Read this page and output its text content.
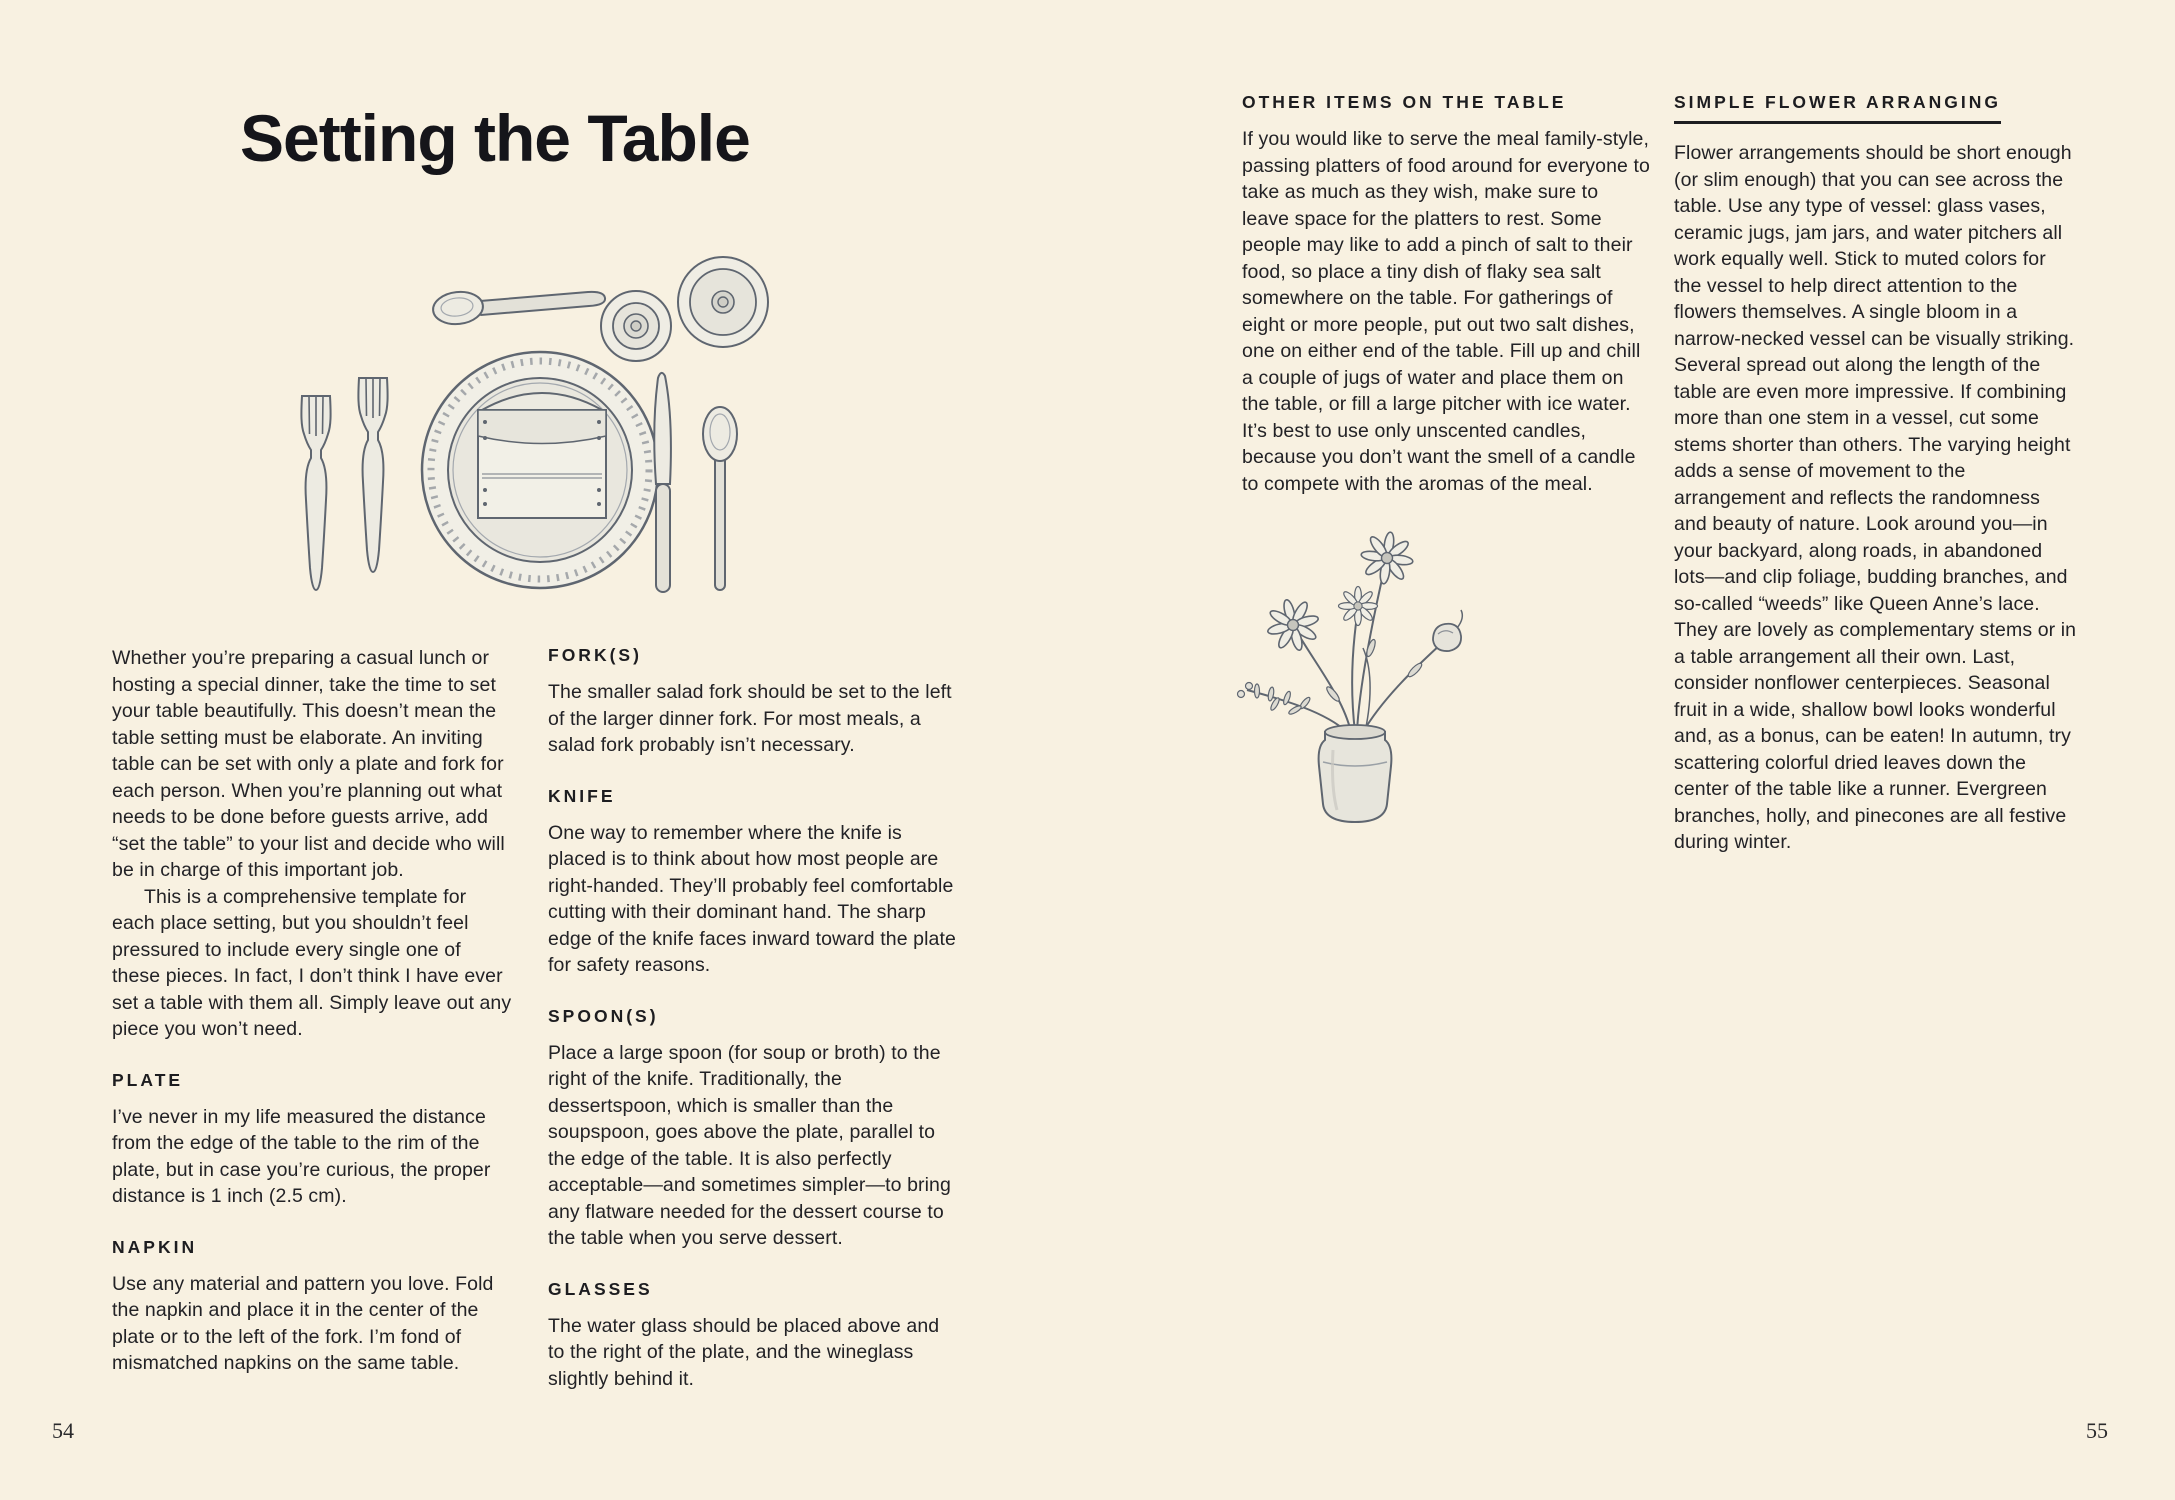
Setting the Table

Whether you’re preparing a casual lunch or hosting a special dinner, take the time to set your table beautifully. This doesn’t mean the table setting must be elaborate. An inviting table can be set with only a plate and fork for each person. When you’re planning out what needs to be done before guests arrive, add “set the table” to your list and decide who will be in charge of this important job.

This is a comprehensive template for each place setting, but you shouldn’t feel pressured to include every single one of these pieces. In fact, I don’t think I have ever set a table with them all. Simply leave out any piece you won’t need.

PLATE

I’ve never in my life measured the distance from the edge of the table to the rim of the plate, but in case you’re curious, the proper distance is 1 inch (2.5 cm).

NAPKIN

Use any material and pattern you love. Fold the napkin and place it in the center of the plate or to the left of the fork. I’m fond of mismatched napkins on the same table.

FORK(S)

The smaller salad fork should be set to the left of the larger dinner fork. For most meals, a salad fork probably isn’t necessary.

KNIFE

One way to remember where the knife is placed is to think about how most people are right-handed. They’ll probably feel comfortable cutting with their dominant hand. The sharp edge of the knife faces inward toward the plate for safety reasons.

SPOON(S)

Place a large spoon (for soup or broth) to the right of the knife. Traditionally, the dessertspoon, which is smaller than the soupspoon, goes above the plate, parallel to the edge of the table. It is also perfectly acceptable—and sometimes simpler—to bring any flatware needed for the dessert course to the table when you serve dessert.

GLASSES

The water glass should be placed above and to the right of the plate, and the wineglass slightly behind it.

54
OTHER ITEMS ON THE TABLE

If you would like to serve the meal family-style, passing platters of food around for everyone to take as much as they wish, make sure to leave space for the platters to rest. Some people may like to add a pinch of salt to their food, so place a tiny dish of flaky sea salt somewhere on the table. For gatherings of eight or more people, put out two salt dishes, one on either end of the table. Fill up and chill a couple of jugs of water and place them on the table, or fill a large pitcher with ice water. It’s best to use only unscented candles, because you don’t want the smell of a candle to compete with the aromas of the meal.

SIMPLE FLOWER ARRANGING

Flower arrangements should be short enough (or slim enough) that you can see across the table. Use any type of vessel: glass vases, ceramic jugs, jam jars, and water pitchers all work equally well. Stick to muted colors for the vessel to help direct attention to the flowers themselves. A single bloom in a narrow-necked vessel can be visually striking. Several spread out along the length of the table are even more impressive. If combining more than one stem in a vessel, cut some stems shorter than others. The varying height adds a sense of movement to the arrangement and reflects the randomness and beauty of nature. Look around you—in your backyard, along roads, in abandoned lots—and clip foliage, budding branches, and so-called “weeds” like Queen Anne’s lace. They are lovely as complementary stems or in a table arrangement all their own. Last, consider nonflower centerpieces. Seasonal fruit in a wide, shallow bowl looks wonderful and, as a bonus, can be eaten! In autumn, try scattering colorful dried leaves down the center of the table like a runner. Evergreen branches, holly, and pinecones are all festive during winter.

55
